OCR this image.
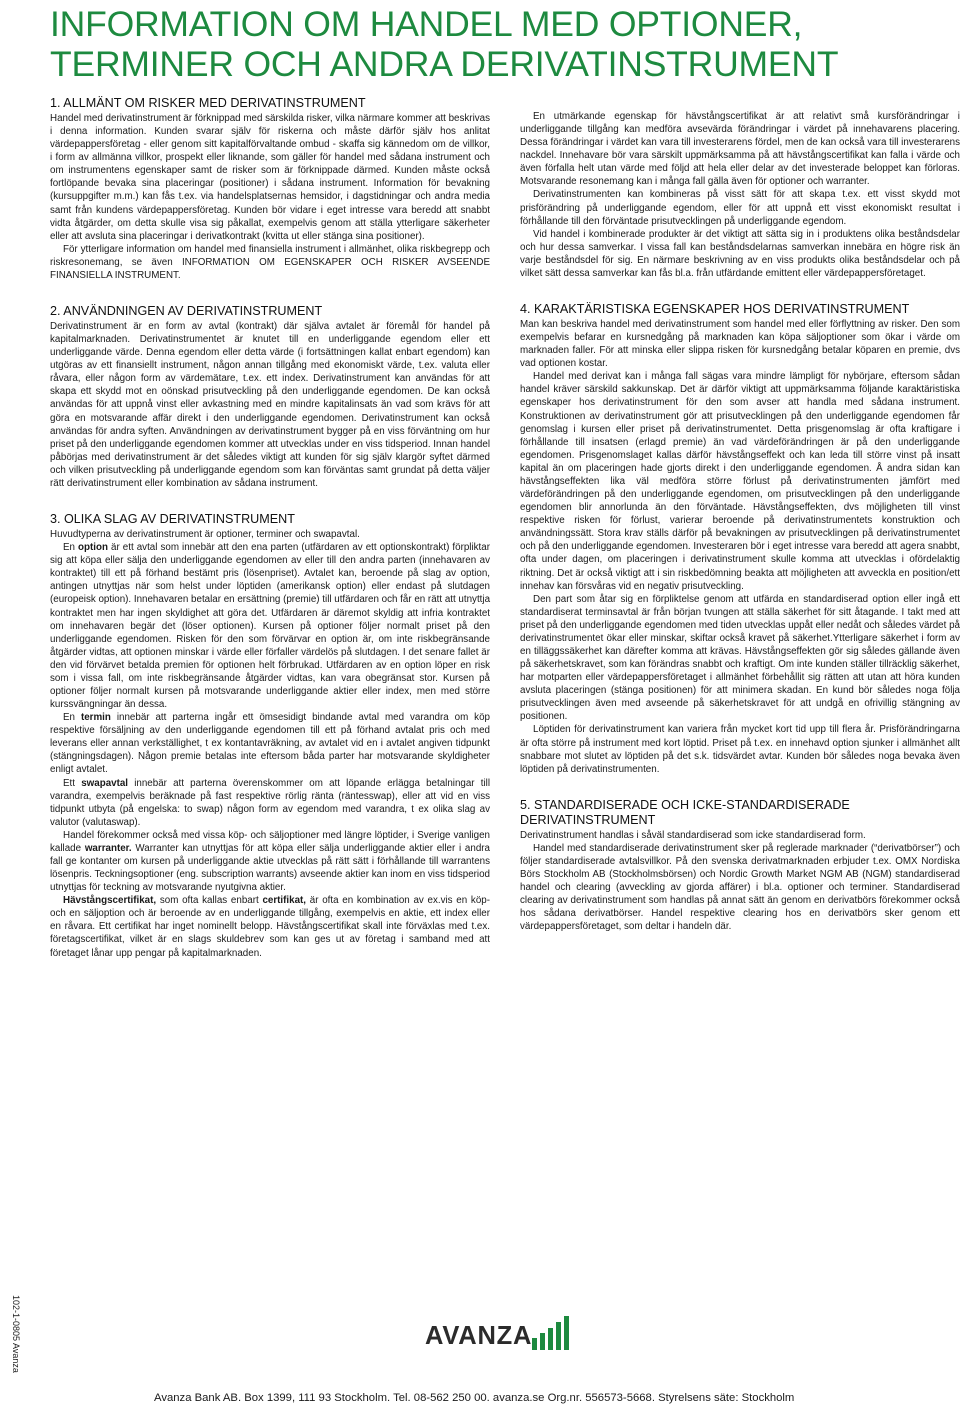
INFORMATION OM HANDEL MED OPTIONER,
TERMINER OCH ANDRA DERIVATINSTRUMENT
1. ALLMÄNT OM RISKER MED DERIVATINSTRUMENT

Handel med derivatinstrument är förknippad med särskilda risker, vilka närmare kommer att beskrivas i denna information. Kunden svarar själv för riskerna och måste därför själv hos anlitat värdepappersföretag - eller genom sitt kapitalförvaltande ombud - skaffa sig kännedom om de villkor, i form av allmänna villkor, prospekt eller liknande, som gäller för handel med sådana instrument och om instrumentens egenskaper samt de risker som är förknippade därmed. Kunden måste också fortlöpande bevaka sina placeringar (positioner) i sådana instrument. Information för bevakning (kursuppgifter m.m.) kan fås t.ex. via handelsplatsernas hemsidor, i dagstidningar och andra media samt från kundens värdepappersföretag. Kunden bör vidare i eget intresse vara beredd att snabbt vidta åtgärder, om detta skulle visa sig påkallat, exempelvis genom att ställa ytterligare säkerheter eller att avsluta sina placeringar i derivatkontrakt (kvitta ut eller stänga sina positioner).

För ytterligare information om handel med finansiella instrument i allmänhet, olika riskbegrepp och riskresonemang, se även INFORMATION OM EGENSKAPER OCH RISKER AVSEENDE FINANSIELLA INSTRUMENT.

2. ANVÄNDNINGEN AV DERIVATINSTRUMENT

Derivatinstrument är en form av avtal (kontrakt) där själva avtalet är föremål för handel på kapitalmarknaden. Derivatinstrumentet är knutet till en underliggande egendom eller ett underliggande värde. Denna egendom eller detta värde (i fortsättningen kallat enbart egendom) kan utgöras av ett finansiellt instrument, någon annan tillgång med ekonomiskt värde, t.ex. valuta eller råvara, eller någon form av värdemätare, t.ex. ett index. Derivatinstrument kan användas för att skapa ett skydd mot en oönskad prisutveckling på den underliggande egendomen. De kan också användas för att uppnå vinst eller avkastning med en mindre kapitalinsats än vad som krävs för att göra en motsvarande affär direkt i den underliggande egendomen. Derivatinstrument kan också användas för andra syften. Användningen av derivatinstrument bygger på en viss förväntning om hur priset på den underliggande egendomen kommer att utvecklas under en viss tidsperiod. Innan handel påbörjas med derivatinstrument är det således viktigt att kunden för sig själv klargör syftet därmed och vilken prisutveckling på underliggande egendom som kan förväntas samt grundat på detta väljer rätt derivatinstrument eller kombination av sådana instrument.

3. OLIKA SLAG AV DERIVATINSTRUMENT

Huvudtyperna av derivatinstrument är optioner, terminer och swapavtal.

En option är ett avtal som innebär att den ena parten (utfärdaren av ett optionskontrakt) förpliktar sig att köpa eller sälja den underliggande egendomen av eller till den andra parten (innehavaren av kontraktet) till ett på förhand bestämt pris (lösenpriset). Avtalet kan, beroende på slag av option, antingen utnyttjas när som helst under löptiden (amerikansk option) eller endast på slutdagen (europeisk option). Innehavaren betalar en ersättning (premie) till utfärdaren och får en rätt att utnyttja kontraktet men har ingen skyldighet att göra det. Utfärdaren är däremot skyldig att infria kontraktet om innehavaren begär det (löser optionen). Kursen på optioner följer normalt priset på den underliggande egendomen. Risken för den som förvärvar en option är, om inte riskbegränsande åtgärder vidtas, att optionen minskar i värde eller förfaller värdelös på slutdagen. I det senare fallet är den vid förvärvet betalda premien för optionen helt förbrukad. Utfärdaren av en option löper en risk som i vissa fall, om inte riskbegränsande åtgärder vidtas, kan vara obegränsat stor. Kursen på optioner följer normalt kursen på motsvarande underliggande aktier eller index, men med större kurssvängningar än dessa.

En termin innebär att parterna ingår ett ömsesidigt bindande avtal med varandra om köp respektive försäljning av den underliggande egendomen till ett på förhand avtalat pris och med leverans eller annan verkställighet, t ex kontantavräkning, av avtalet vid en i avtalet angiven tidpunkt (stängningsdagen). Någon premie betalas inte eftersom båda parter har motsvarande skyldigheter enligt avtalet.

Ett swapavtal innebär att parterna överenskommer om att löpande erlägga betalningar till varandra, exempelvis beräknade på fast respektive rörlig ränta (räntesswap), eller att vid en viss tidpunkt utbyta (på engelska: to swap) någon form av egendom med varandra, t ex olika slag av valutor (valutaswap).

Handel förekommer också med vissa köp- och säljoptioner med längre löptider, i Sverige vanligen kallade warranter. Warranter kan utnyttjas för att köpa eller sälja underliggande aktier eller i andra fall ge kontanter om kursen på underliggande aktie utvecklas på rätt sätt i förhållande till warrantens lösenpris. Teckningsoptioner (eng. subscription warrants) avseende aktier kan inom en viss tidsperiod utnyttjas för teckning av motsvarande nyutgivna aktier.

Hävstångscertifikat, som ofta kallas enbart certifikat, är ofta en kombination av ex.vis en köp- och en säljoption och är beroende av en underliggande tillgång, exempelvis en aktie, ett index eller en råvara. Ett certifikat har inget nominellt belopp. Hävstångscertifikat skall inte förväxlas med t.ex. företagscertifikat, vilket är en slags skuldebrev som kan ges ut av företag i samband med att företaget lånar upp pengar på kapitalmarknaden.

En utmärkande egenskap för hävstångscertifikat är att relativt små kursförändringar i underliggande tillgång kan medföra avsevärda förändringar i värdet på innehavarens placering. Dessa förändringar i värdet kan vara till investerarens fördel, men de kan också vara till investerarens nackdel. Innehavare bör vara särskilt uppmärksamma på att hävstångscertifikat kan falla i värde och även förfalla helt utan värde med följd att hela eller delar av det investerade beloppet kan förloras. Motsvarande resonemang kan i många fall gälla även för optioner och warranter.

Derivatinstrumenten kan kombineras på visst sätt för att skapa t.ex. ett visst skydd mot prisförändring på underliggande egendom, eller för att uppnå ett visst ekonomiskt resultat i förhållande till den förväntade prisutvecklingen på underliggande egendom.

Vid handel i kombinerade produkter är det viktigt att sätta sig in i produktens olika beståndsdelar och hur dessa samverkar. I vissa fall kan beståndsdelarnas samverkan innebära en högre risk än varje beståndsdel för sig. En närmare beskrivning av en viss produkts olika beståndsdelar och på vilket sätt dessa samverkar kan fås bl.a. från utfärdande emittent eller värdepappersföretaget.

4. KARAKTÄRISTISKA EGENSKAPER HOS DERIVATINSTRUMENT

Man kan beskriva handel med derivatinstrument som handel med eller förflyttning av risker. Den som exempelvis befarar en kursnedgång på marknaden kan köpa säljoptioner som ökar i värde om marknaden faller. För att minska eller slippa risken för kursnedgång betalar köparen en premie, dvs vad optionen kostar.

Handel med derivat kan i många fall sägas vara mindre lämpligt för nybörjare, eftersom sådan handel kräver särskild sakkunskap. Det är därför viktigt att uppmärksamma följande karaktäristiska egenskaper hos derivatinstrument för den som avser att handla med sådana instrument. Konstruktionen av derivatinstrument gör att prisutvecklingen på den underliggande egendomen får genomslag i kursen eller priset på derivatinstrumentet. Detta prisgenomslag är ofta kraftigare i förhållande till insatsen (erlagd premie) än vad värdeförändringen är på den underliggande egendomen. Prisgenomslaget kallas därför hävstångseffekt och kan leda till större vinst på insatt kapital än om placeringen hade gjorts direkt i den underliggande egendomen. Å andra sidan kan hävstångseffekten lika väl medföra större förlust på derivatinstrumenten jämfört med värdeförändringen på den underliggande egendomen, om prisutvecklingen på den underliggande egendomen blir annorlunda än den förväntade. Hävstångseffekten, dvs möjligheten till vinst respektive risken för förlust, varierar beroende på derivatinstrumentets konstruktion och användningssätt. Stora krav ställs därför på bevakningen av prisutvecklingen på derivatinstrumentet och på den underliggande egendomen. Investeraren bör i eget intresse vara beredd att agera snabbt, ofta under dagen, om placeringen i derivatinstrument skulle komma att utvecklas i ofördelaktig riktning. Det är också viktigt att i sin riskbedömning beakta att möjligheten att avveckla en position/ett innehav kan försvåras vid en negativ prisutveckling.

Den part som åtar sig en förpliktelse genom att utfärda en standardiserad option eller ingå ett standardiserat terminsavtal är från början tvungen att ställa säkerhet för sitt åtagande. I takt med att priset på den underliggande egendomen med tiden utvecklas uppåt eller nedåt och således värdet på derivatinstrumentet ökar eller minskar, skiftar också kravet på säkerhet.Ytterligare säkerhet i form av en tilläggssäkerhet kan därefter komma att krävas. Hävstångseffekten gör sig således gällande även på säkerhetskravet, som kan förändras snabbt och kraftigt. Om inte kunden ställer tillräcklig säkerhet, har motparten eller värdepappersföretaget i allmänhet förbehållit sig rätten att utan att höra kunden avsluta placeringen (stänga positionen) för att minimera skadan. En kund bör således noga följa prisutvecklingen även med avseende på säkerhetskravet för att undgå en ofrivillig stängning av positionen.

Löptiden för derivatinstrument kan variera från mycket kort tid upp till flera år. Prisförändringarna är ofta större på instrument med kort löptid. Priset på t.ex. en innehavd option sjunker i allmänhet allt snabbare mot slutet av löptiden på det s.k. tidsvärdet avtar. Kunden bör således noga bevaka även löptiden på derivatinstrumenten.

5. STANDARDISERADE OCH ICKE-STANDARDISERADE
DERIVATINSTRUMENT

Derivatinstrument handlas i såväl standardiserad som icke standardiserad form.

Handel med standardiserade derivatinstrument sker på reglerade marknader (“derivatbörser”) och följer standardiserade avtalsvillkor. På den svenska derivatmarknaden erbjuder t.ex. OMX Nordiska Börs Stockholm AB (Stockholmsbörsen) och Nordic Growth Market NGM AB (NGM) standardiserad handel och clearing (avveckling av gjorda affärer) i bl.a. optioner och terminer. Standardiserad clearing av derivatinstrument som handlas på annat sätt än genom en derivatbörs förekommer också hos sådana derivatbörser. Handel respektive clearing hos en derivatbörs sker genom ett värdepappersföretaget, som deltar i handeln där.

102-1-0805 Avanza	AVANZA
Avanza Bank AB. Box 1399, 111 93 Stockholm. Tel. 08-562 250 00. avanza.se Org.nr. 556573-5668. Styrelsens säte: Stockholm
